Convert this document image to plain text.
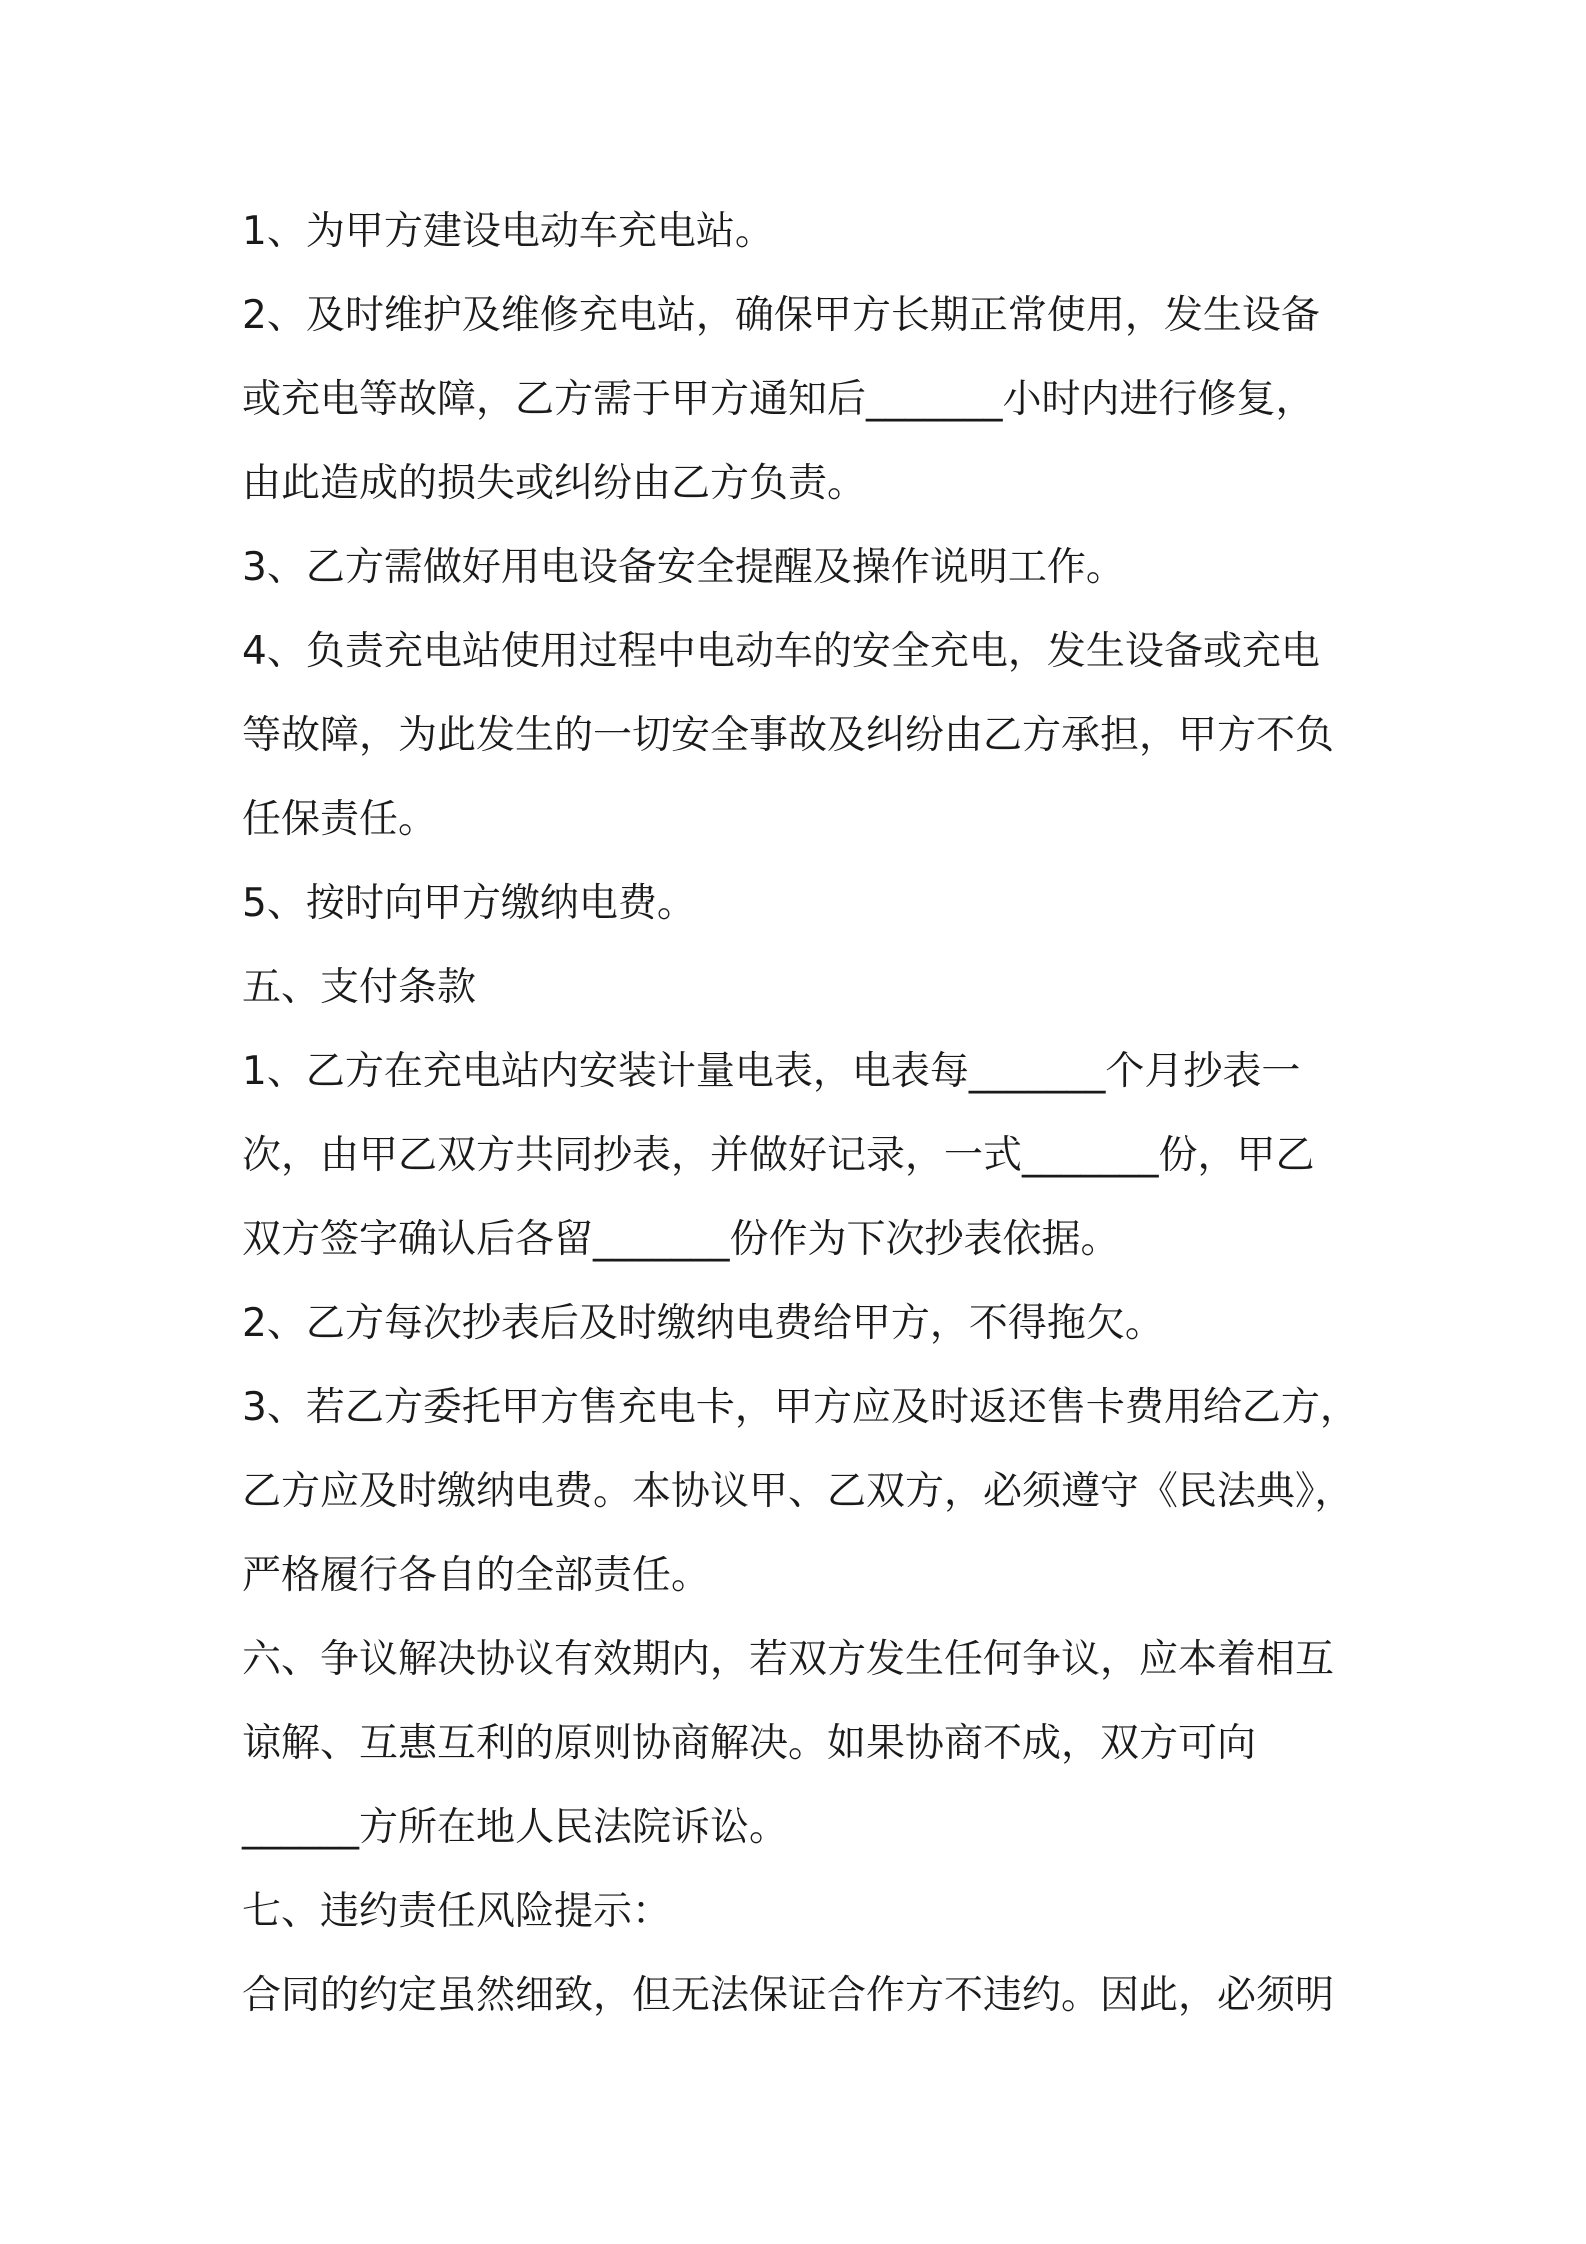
1、为甲方建设电动车充电站。

2、及时维护及维修充电站，确保甲方长期正常使用，发生设备
或充电等故障，乙方需于甲方通知后_______小时内进行修复，
由此造成的损失或纠纷由乙方负责。

3、乙方需做好用电设备安全提醒及操作说明工作。

4、负责充电站使用过程中电动车的安全充电，发生设备或充电
等故障，为此发生的一切安全事故及纠纷由乙方承担，甲方不负
任保责任。

5、按时向甲方缴纳电费。

五、支付条款

1、乙方在充电站内安装计量电表，电表每_______个月抄表一
次，由甲乙双方共同抄表，并做好记录，一式_______份，甲乙
双方签字确认后各留_______份作为下次抄表依据。

2、乙方每次抄表后及时缴纳电费给甲方，不得拖欠。

3、若乙方委托甲方售充电卡，甲方应及时返还售卡费用给乙方，
乙方应及时缴纳电费。本协议甲、乙双方，必须遵守《民法典》，
严格履行各自的全部责任。

六、争议解决协议有效期内，若双方发生任何争议，应本着相互
谅解、互惠互利的原则协商解决。如果协商不成，双方可向
______方所在地人民法院诉讼。

七、违约责任风险提示：

合同的约定虽然细致，但无法保证合作方不违约。因此，必须明
